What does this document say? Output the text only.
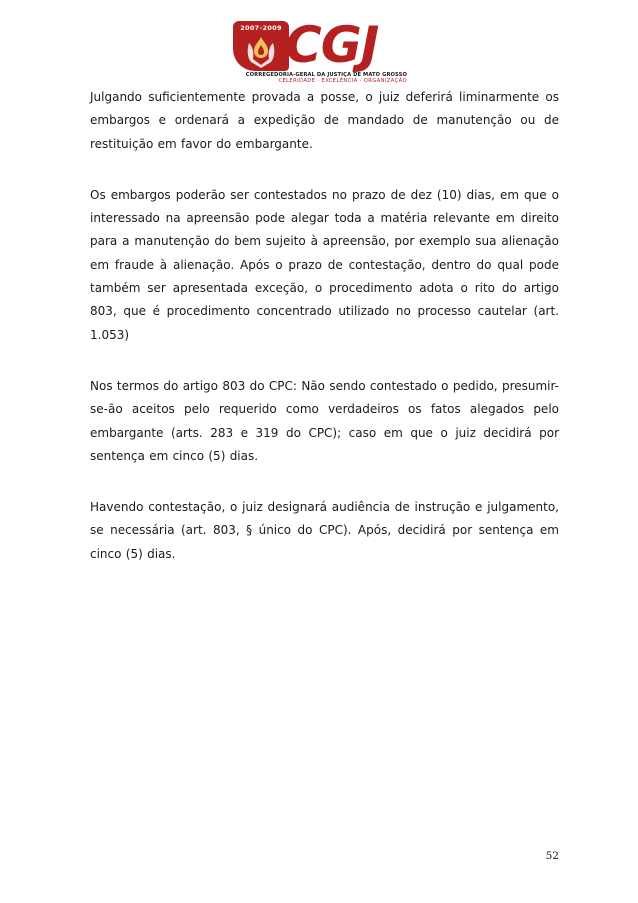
2007-2009 CGJ
CORREGEDORIA-GERAL DA JUSTIÇA DE MATO GROSSO
CELERIDADE · EXCELÊNCIA · ORGANIZAÇÃO

Julgando suficientemente provada a posse, o juiz deferirá liminarmente os embargos e ordenará a expedição de mandado de manutenção ou de restituição em favor do embargante.

Os embargos poderão ser contestados no prazo de dez (10) dias, em que o interessado na apreensão pode alegar toda a matéria relevante em direito para a manutenção do bem sujeito à apreensão, por exemplo sua alienação em fraude à alienação. Após o prazo de contestação, dentro do qual pode também ser apresentada exceção, o procedimento adota o rito do artigo 803, que é procedimento concentrado utilizado no processo cautelar (art. 1.053)

Nos termos do artigo 803 do CPC: Não sendo contestado o pedido, presumir-se-ão aceitos pelo requerido como verdadeiros os fatos alegados pelo embargante (arts. 283 e 319 do CPC); caso em que o juiz decidirá por sentença em cinco (5) dias.

Havendo contestação, o juiz designará audiência de instrução e julgamento, se necessária (art. 803, § único do CPC). Após, decidirá por sentença em cinco (5) dias.

52
